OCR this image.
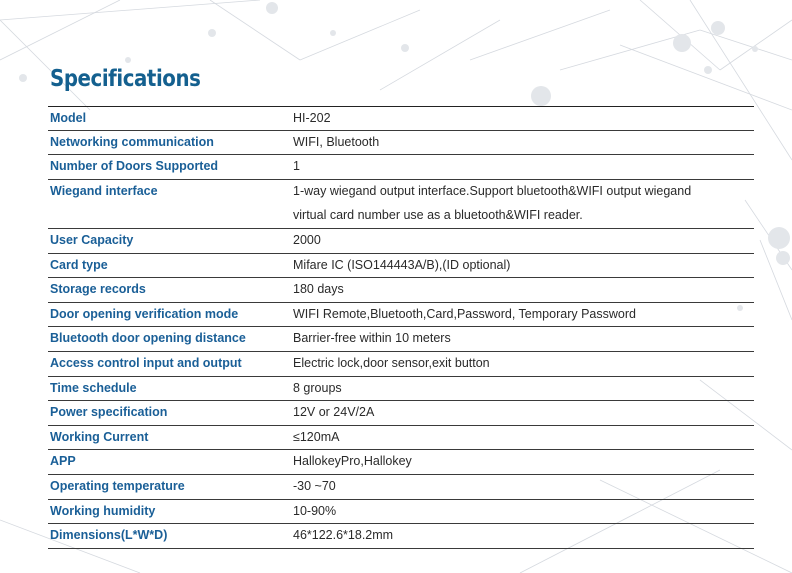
Specifications
Model	HI-202
Networking communication	WIFI, Bluetooth
Number of Doors Supported	1
Wiegand interface	1-way wiegand output interface.Support bluetooth&WIFI output wiegand
virtual card number use as a bluetooth&WIFI reader.
User Capacity	2000
Card type	Mifare IC (ISO144443A/B),(ID optional)
Storage records	180 days
Door opening verification mode	WIFI Remote,Bluetooth,Card,Password, Temporary Password
Bluetooth door opening distance	Barrier-free within 10 meters
Access control input and output	Electric lock,door sensor,exit button
Time schedule	8 groups
Power specification	12V or 24V/2A
Working Current	≤120mA
APP	HallokeyPro,Hallokey
Operating temperature	-30 ~70
Working humidity	10-90%
Dimensions(L*W*D)	46*122.6*18.2mm
